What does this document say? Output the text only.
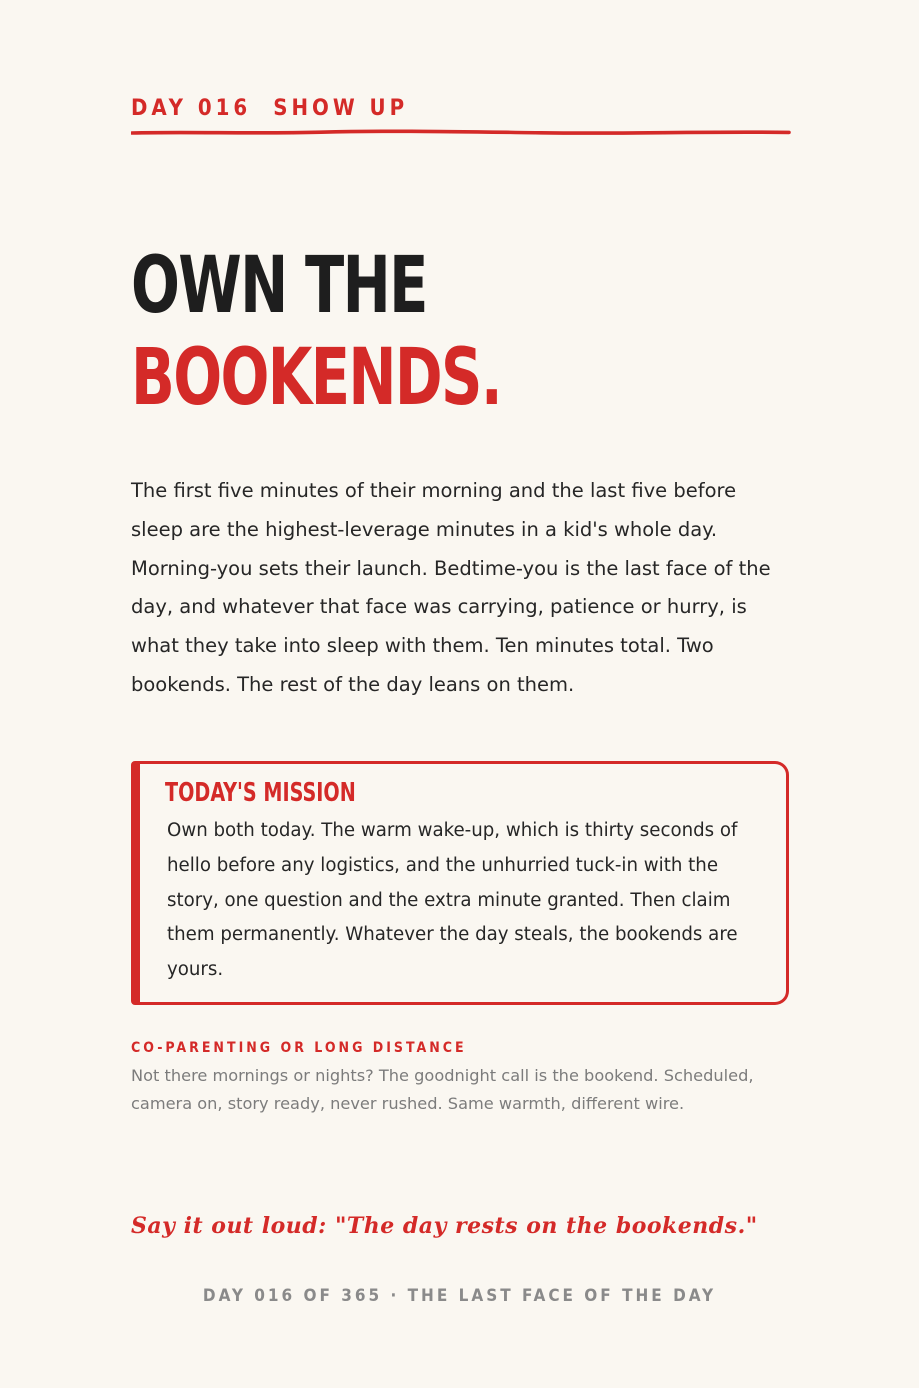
DAY 016 SHOW UP
OWN THE
BOOKENDS.

The first five minutes of their morning and the last five before sleep are the highest-leverage minutes in a kid's whole day. Morning-you sets their launch. Bedtime-you is the last face of the day, and whatever that face was carrying, patience or hurry, is what they take into sleep with them. Ten minutes total. Two bookends. The rest of the day leans on them.

TODAY'S MISSION

Own both today. The warm wake-up, which is thirty seconds of hello before any logistics, and the unhurried tuck-in with the story, one question and the extra minute granted. Then claim them permanently. Whatever the day steals, the bookends are yours.

CO-PARENTING OR LONG DISTANCE

Not there mornings or nights? The goodnight call is the bookend. Scheduled, camera on, story ready, never rushed. Same warmth, different wire.

Say it out loud: "The day rests on the bookends."
DAY 016 OF 365 · THE LAST FACE OF THE DAY
